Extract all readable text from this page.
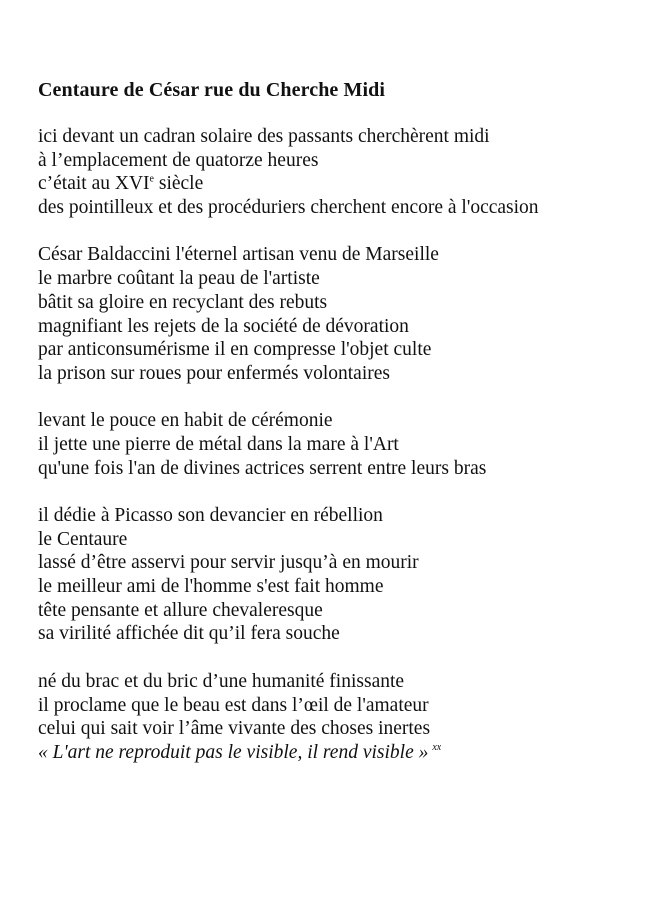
Centaure de César rue du Cherche Midi
ici devant un cadran solaire des passants cherchèrent midi
à l’emplacement de quatorze heures
c’était au XVIe siècle
des pointilleux et des procéduriers cherchent encore à l'occasion
César Baldaccini l'éternel artisan venu de Marseille
le marbre coûtant la peau de l'artiste
bâtit sa gloire en recyclant des rebuts
magnifiant les rejets de la société de dévoration
par anticonsumérisme il en compresse l'objet culte
la prison sur roues pour enfermés volontaires
levant le pouce en habit de cérémonie
il jette une pierre de métal dans la mare à l'Art
qu'une fois l'an de divines actrices serrent entre leurs bras
il dédie à Picasso son devancier en rébellion
le Centaure
lassé d’être asservi pour servir jusqu’à en mourir
le meilleur ami de l'homme s'est fait homme
tête pensante et allure chevaleresque
sa virilité affichée dit qu’il fera souche
né du brac et du bric d’une humanité finissante
il proclame que le beau est dans l’œil de l'amateur
celui qui sait voir l’âme vivante des choses inertes
« L'art ne reproduit pas le visible, il rend visible » $^{xx}$
